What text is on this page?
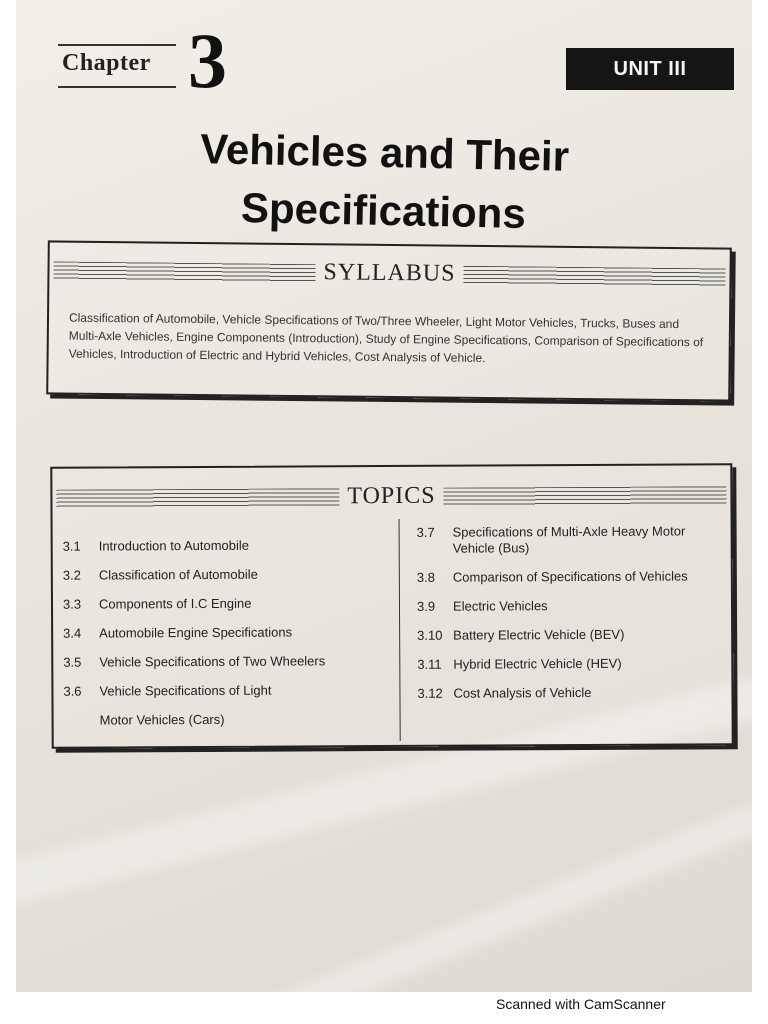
Chapter 3	UNIT III
Vehicles and Their
Specifications
SYLLABUS
Classification of Automobile, Vehicle Specifications of Two/Three Wheeler, Light Motor Vehicles, Trucks, Buses and Multi-Axle Vehicles, Engine Components (Introduction), Study of Engine Specifications, Comparison of Specifications of Vehicles, Introduction of Electric and Hybrid Vehicles, Cost Analysis of Vehicle.
TOPICS
3.1	Introduction to Automobile
3.2	Classification of Automobile
3.3	Components of I.C Engine
3.4	Automobile Engine Specifications
3.5	Vehicle Specifications of Two Wheelers
3.6	Vehicle Specifications of Light
Motor Vehicles (Cars)
3.7	Specifications of Multi-Axle Heavy Motor Vehicle (Bus)
3.8	Comparison of Specifications of Vehicles
3.9	Electric Vehicles
3.10 Battery Electric Vehicle (BEV)
3.11 Hybrid Electric Vehicle (HEV)
3.12 Cost Analysis of Vehicle
Scanned with CamScanner
